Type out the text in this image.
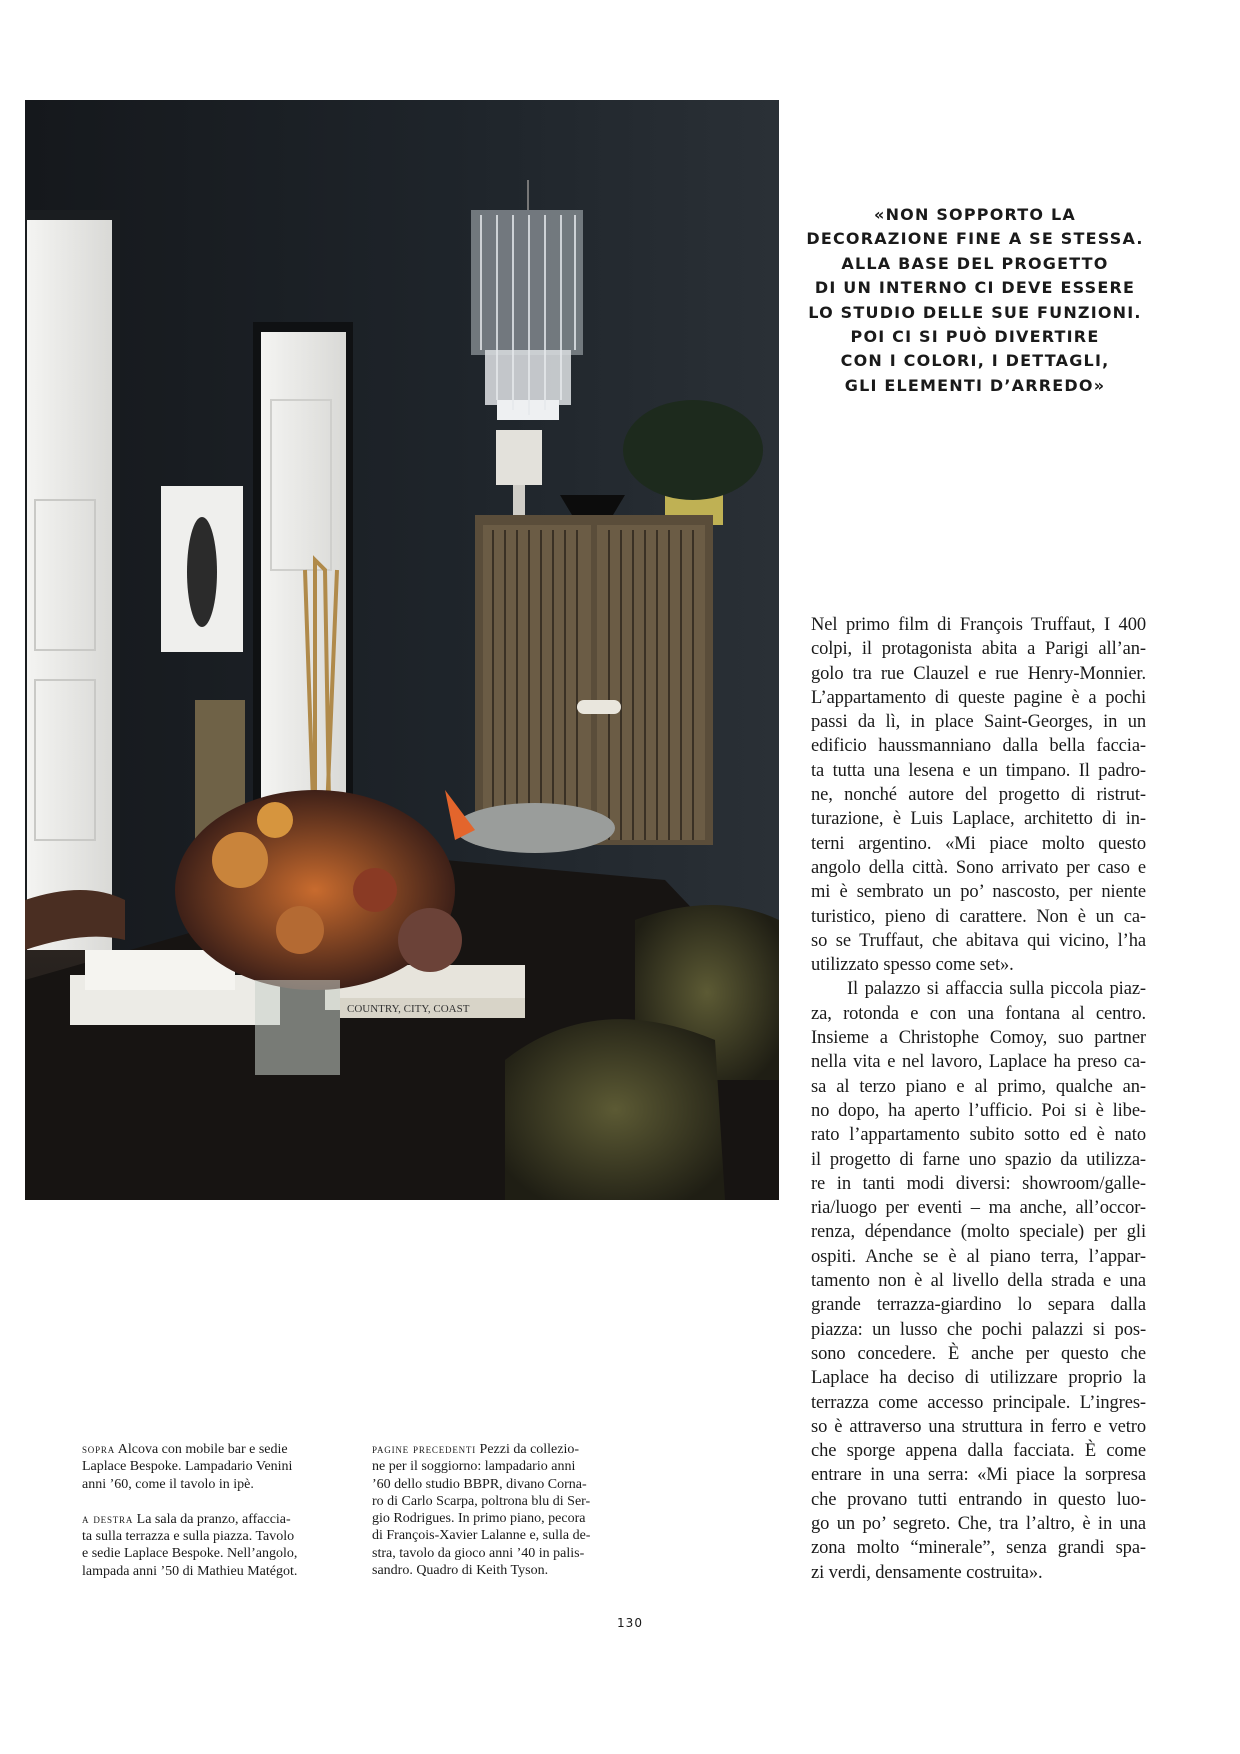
COUNTRY, CITY, COAST
«NON SOPPORTO LA
DECORAZIONE FINE A SE STESSA.
ALLA BASE DEL PROGETTO
DI UN INTERNO CI DEVE ESSERE
LO STUDIO DELLE SUE FUNZIONI.
POI CI SI PUÒ DIVERTIRE
CON I COLORI, I DETTAGLI,
GLI ELEMENTI D’ARREDO»
Nel primo film di François Truffaut, I 400
colpi, il protagonista abita a Parigi all’an-
golo tra rue Clauzel e rue Henry-Monnier.
L’appartamento di queste pagine è a pochi
passi da lì, in place Saint-Georges, in un
edificio haussmanniano dalla bella faccia-
ta tutta una lesena e un timpano. Il padro-
ne, nonché autore del progetto di ristrut-
turazione, è Luis Laplace, architetto di in-
terni argentino. «Mi piace molto questo
angolo della città. Sono arrivato per caso e
mi è sembrato un po’ nascosto, per niente
turistico, pieno di carattere. Non è un ca-
so se Truffaut, che abitava qui vicino, l’ha
utilizzato spesso come set».
Il palazzo si affaccia sulla piccola piaz-
za, rotonda e con una fontana al centro.
Insieme a Christophe Comoy, suo partner
nella vita e nel lavoro, Laplace ha preso ca-
sa al terzo piano e al primo, qualche an-
no dopo, ha aperto l’ufficio. Poi si è libe-
rato l’appartamento subito sotto ed è nato
il progetto di farne uno spazio da utilizza-
re in tanti modi diversi: showroom/galle-
ria/luogo per eventi – ma anche, all’occor-
renza, dépendance (molto speciale) per gli
ospiti. Anche se è al piano terra, l’appar-
tamento non è al livello della strada e una
grande terrazza-giardino lo separa dalla
piazza: un lusso che pochi palazzi si pos-
sono concedere. È anche per questo che
Laplace ha deciso di utilizzare proprio la
terrazza come accesso principale. L’ingres-
so è attraverso una struttura in ferro e vetro
che sporge appena dalla facciata. È come
entrare in una serra: «Mi piace la sorpresa
che provano tutti entrando in questo luo-
go un po’ segreto. Che, tra l’altro, è in una
zona molto “minerale”, senza grandi spa-
zi verdi, densamente costruita».
sopra Alcova con mobile bar e sedie
Laplace Bespoke. Lampadario Venini
anni ’60, come il tavolo in ipè.
a destra La sala da pranzo, affaccia-
ta sulla terrazza e sulla piazza. Tavolo
e sedie Laplace Bespoke. Nell’angolo,
lampada anni ’50 di Mathieu Matégot.
pagine precedenti Pezzi da collezio-
ne per il soggiorno: lampadario anni
’60 dello studio BBPR, divano Corna-
ro di Carlo Scarpa, poltrona blu di Ser-
gio Rodrigues. In primo piano, pecora
di François-Xavier Lalanne e, sulla de-
stra, tavolo da gioco anni ’40 in palis-
sandro. Quadro di Keith Tyson.
130
